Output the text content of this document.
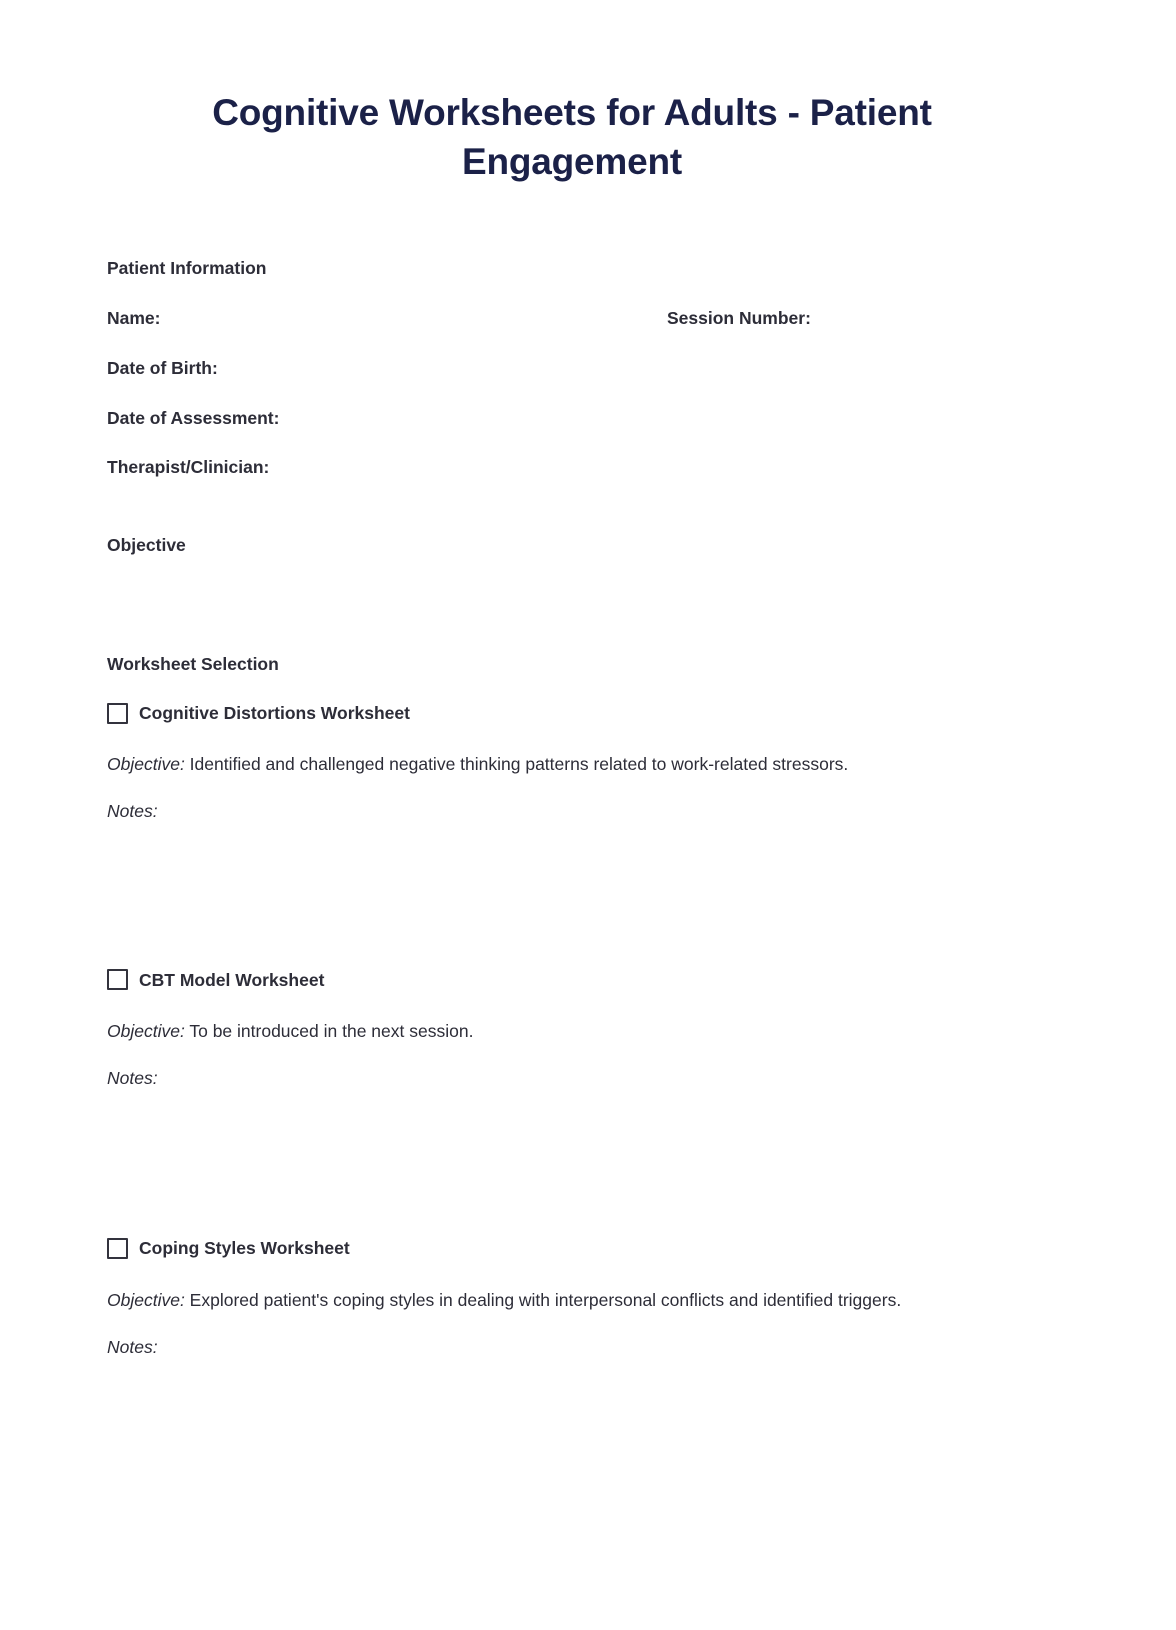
Cognitive Worksheets for Adults - Patient Engagement
Patient Information
Name:	Session Number:
Date of Birth:
Date of Assessment:
Therapist/Clinician:
Objective
Worksheet Selection
Cognitive Distortions Worksheet
Objective: Identified and challenged negative thinking patterns related to work-related stressors.
Notes:
CBT Model Worksheet
Objective: To be introduced in the next session.
Notes:
Coping Styles Worksheet
Objective: Explored patient's coping styles in dealing with interpersonal conflicts and identified triggers.
Notes:
